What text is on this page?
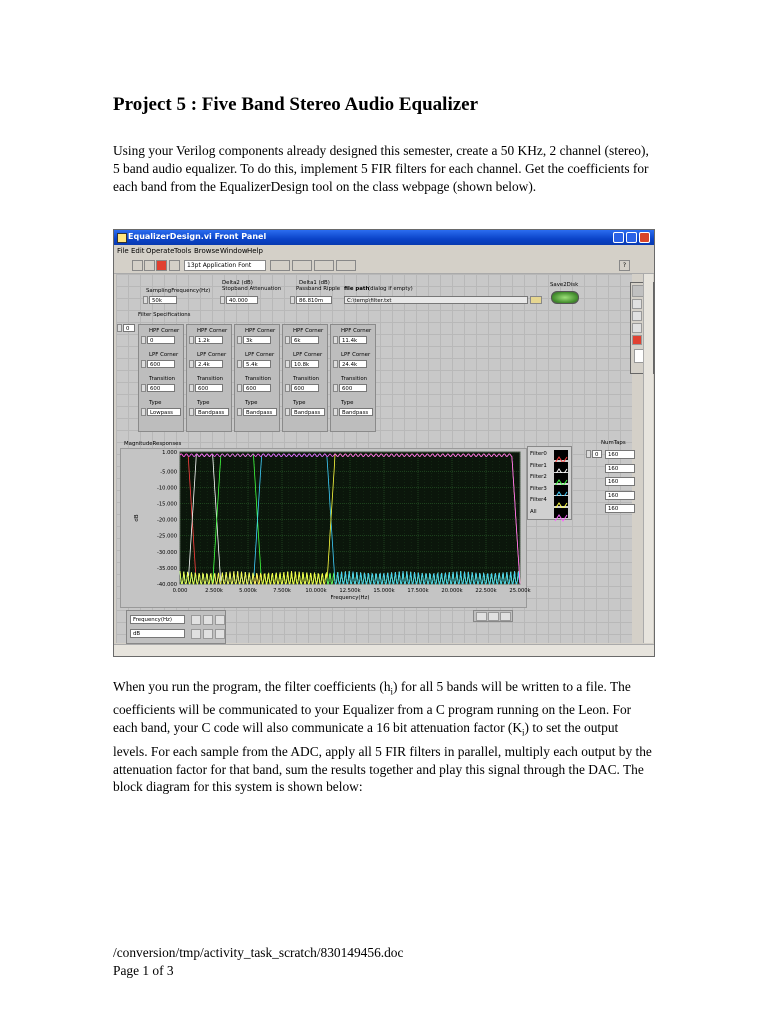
Project 5 : Five Band Stereo Audio Equalizer

Using your Verilog components already designed this semester, create a 50 KHz, 2 channel (stereo), 5 band audio equalizer. To do this, implement 5 FIR filters for each channel. Get the coefficients for each band from the EqualizerDesign tool on the class webpage (shown below).

EqualizerDesign.vi Front Panel
File Edit Operate Tools Browse Window Help
13pt Application Font	?
SamplingFrequency(Hz)
50k
Delta2 (dB)
Stopband Attenuation
40.000
Delta1 (dB)
Passband Ripple
86.810m
file path
(dialog if empty)
C:\temp\filter.txt
Save2Disk
Filter Specifications
0	HPF Corner
0
LPF Corner
600
Transition
600
Type
Lowpass
HPF Corner
1.2k
LPF Corner
2.4k
Transition
600
Type
Bandpass
HPF Corner
3k
LPF Corner
5.4k
Transition
600
Type
Bandpass
HPF Corner
6k
LPF Corner
10.8k
Transition
600
Type
Bandpass
HPF Corner
11.4k
LPF Corner
24.4k
Transition
600
Type
Bandpass
MagnitudeResponses
1.000
-5.000
-10.000
-15.000
-20.000
-25.000
-30.000
-35.000
-40.000
0.000	2.500k	5.000k	7.500k	10.000k 12.500k 15.000k 17.500k 20.000k 22.500k 25.000k
Frequency(Hz)
dB
Filter0
Filter1
Filter2
Filter3
Filter4
All
NumTaps
0	160
160
160
160
160
Frequency(Hz)
dB

When you run the program, the filter coefficients $(h_i)$ for all 5 bands will be written to a file. The coefficients will be communicated to your Equalizer from a C program running on the Leon. For each band, your C code will also communicate a 16 bit attenuation factor $(K_i)$ to set the output levels. For each sample from the ADC, apply all 5 FIR filters in parallel, multiply each output by the attenuation factor for that band, sum the results together and play this signal through the DAC. The block diagram for this system is shown below:

/conversion/tmp/activity_task_scratch/830149456.doc
Page 1 of 3
